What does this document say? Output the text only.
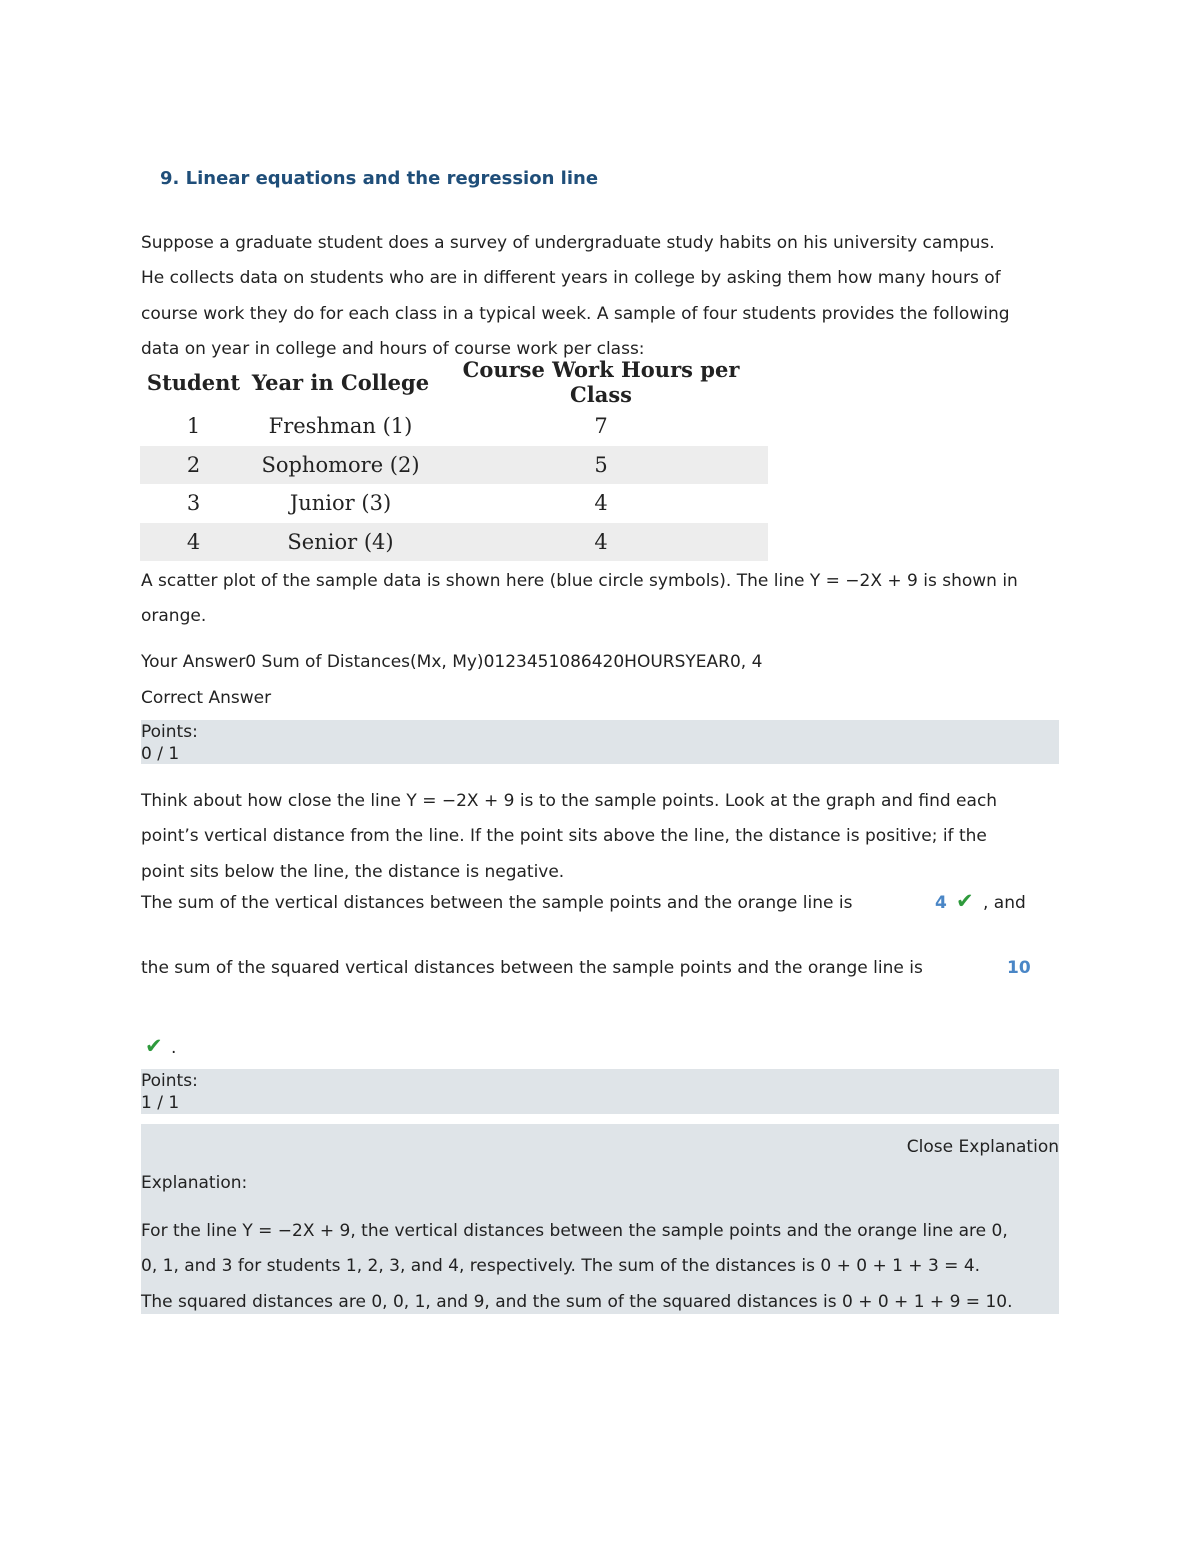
9. Linear equations and the regression line
Suppose a graduate student does a survey of undergraduate study habits on his university campus.
He collects data on students who are in different years in college by asking them how many hours of
course work they do for each class in a typical week. A sample of four students provides the following
data on year in college and hours of course work per class:
Student	Year in College	Course Work Hours per Class
1	Freshman (1)	7
2	Sophomore (2)	5
3	Junior (3)	4
4	Senior (4)	4
A scatter plot of the sample data is shown here (blue circle symbols). The line Y = −2X + 9 is shown in
orange.
Your Answer0 Sum of Distances(Mx, My)0123451086420HOURSYEAR0, 4
Correct Answer
Points:
0 / 1
Think about how close the line Y = −2X + 9 is to the sample points. Look at the graph and find each
point’s vertical distance from the line. If the point sits above the line, the distance is positive; if the
point sits below the line, the distance is negative.
The sum of the vertical distances between the sample points and the orange line is	4 ✔ , and
the sum of the squared vertical distances between the sample points and the orange line is	10
✔ .
Points:
1 / 1
Close Explanation
Explanation:
For the line Y = −2X + 9, the vertical distances between the sample points and the orange line are 0,
0, 1, and 3 for students 1, 2, 3, and 4, respectively. The sum of the distances is 0 + 0 + 1 + 3 = 4.
The squared distances are 0, 0, 1, and 9, and the sum of the squared distances is 0 + 0 + 1 + 9 = 10.
